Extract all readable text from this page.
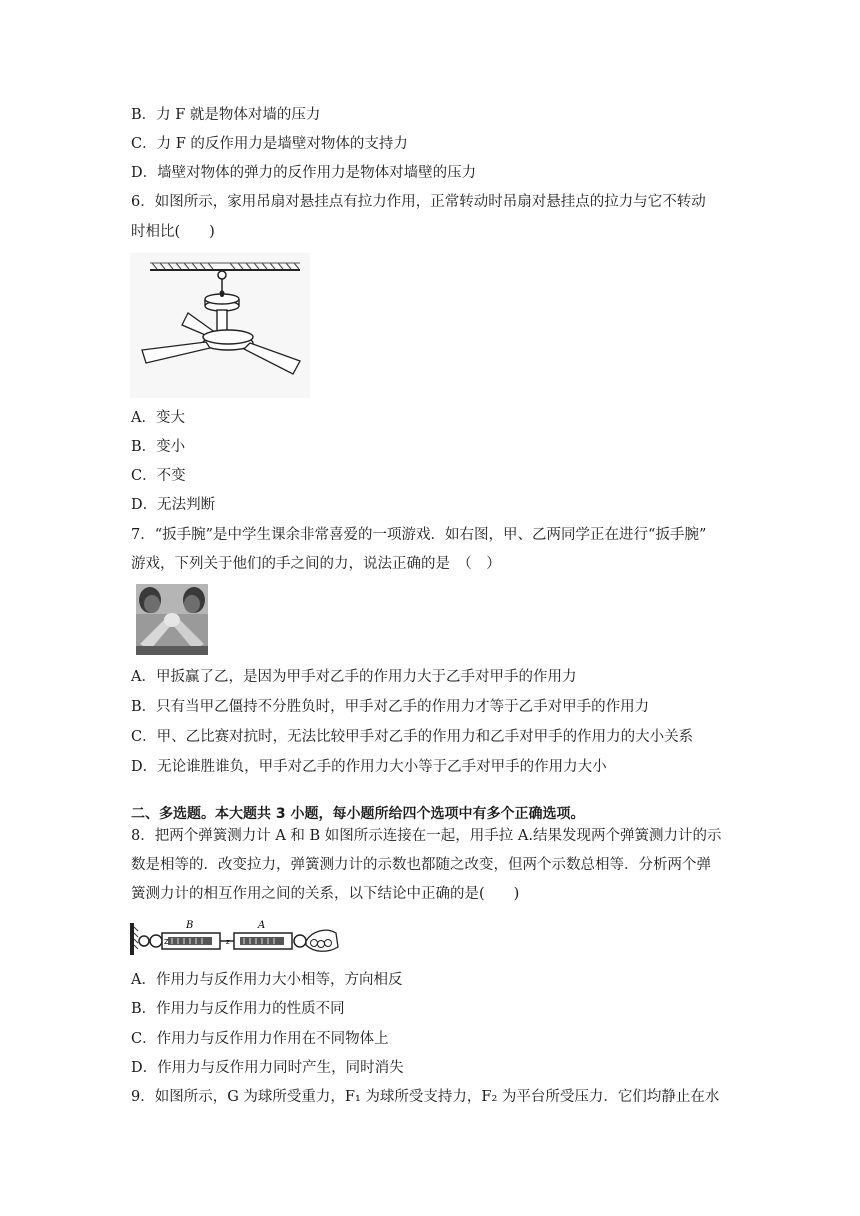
B．力 F 就是物体对墙的压力
C．力 F 的反作用力是墙壁对物体的支持力
D．墙壁对物体的弹力的反作用力是物体对墙壁的压力
6．如图所示，家用吊扇对悬挂点有拉力作用，正常转动时吊扇对悬挂点的拉力与它不转动
时相比(　　)
A．变大
B．变小
C．不变
D．无法判断
7．“扳手腕”是中学生课余非常喜爱的一项游戏．如右图，甲、乙两同学正在进行“扳手腕”
游戏，下列关于他们的手之间的力，说法正确的是　（　）
A．甲扳赢了乙，是因为甲手对乙手的作用力大于乙手对甲手的作用力
B．只有当甲乙僵持不分胜负时，甲手对乙手的作用力才等于乙手对甲手的作用力
C．甲、乙比赛对抗时，无法比较甲手对乙手的作用力和乙手对甲手的作用力的大小关系
D．无论谁胜谁负，甲手对乙手的作用力大小等于乙手对甲手的作用力大小
二、多选题。本大题共 3 小题，每小题所给四个选项中有多个正确选项。
8．把两个弹簧测力计 A 和 B 如图所示连接在一起，用手拉 A.结果发现两个弹簧测力计的示
数是相等的．改变拉力，弹簧测力计的示数也都随之改变，但两个示数总相等．分析两个弹
簧测力计的相互作用之间的关系，以下结论中正确的是(　　)
Z
B
z
A
A．作用力与反作用力大小相等，方向相反
B．作用力与反作用力的性质不同
C．作用力与反作用力作用在不同物体上
D．作用力与反作用力同时产生，同时消失
9．如图所示，G 为球所受重力，F₁ 为球所受支持力，F₂ 为平台所受压力．它们均静止在水
